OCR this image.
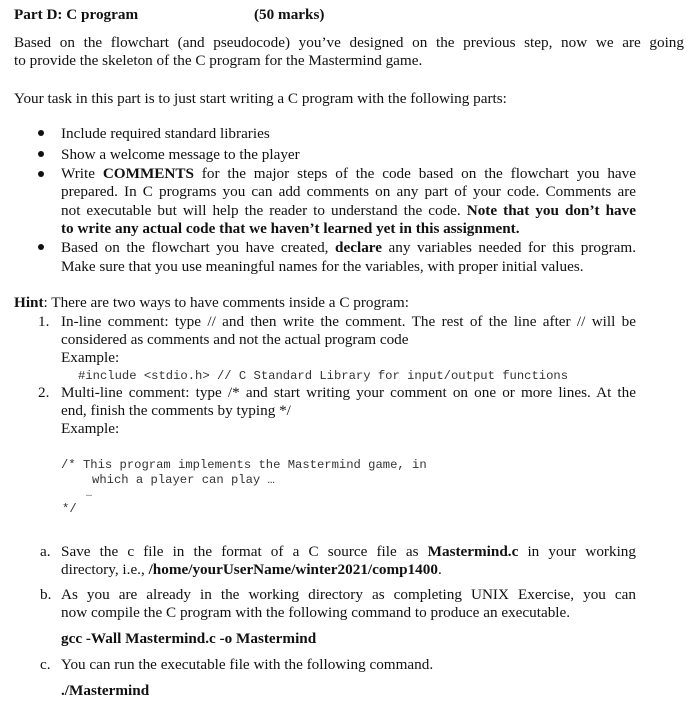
Part D: C program	(50 marks)
Based on the flowchart (and pseudocode) you’ve designed on the previous step, now we are going
to provide the skeleton of the C program for the Mastermind game.
Your task in this part is to just start writing a C program with the following parts:
Include required standard libraries
Show a welcome message to the player
Write COMMENTS for the major steps of the code based on the flowchart you have
prepared. In C programs you can add comments on any part of your code. Comments are
not executable but will help the reader to understand the code. Note that you don’t have
to write any actual code that we haven’t learned yet in this assignment.
Based on the flowchart you have created, declare any variables needed for this program.
Make sure that you use meaningful names for the variables, with proper initial values.
Hint: There are two ways to have comments inside a C program:
1. In-line comment: type // and then write the comment. The rest of the line after // will be
considered as comments and not the actual program code
Example:
#include <stdio.h> // C Standard Library for input/output functions
2. Multi-line comment: type /* and start writing your comment on one or more lines. At the
end, finish the comments by typing */
Example:
/* This program implements the Mastermind game, in
which a player can play …
…
*/
a. Save the c file in the format of a C source file as Mastermind.c in your working
directory, i.e., /home/yourUserName/winter2021/comp1400.
b. As you are already in the working directory as completing UNIX Exercise, you can
now compile the C program with the following command to produce an executable.
gcc -Wall Mastermind.c -o Mastermind
c. You can run the executable file with the following command.
./Mastermind
